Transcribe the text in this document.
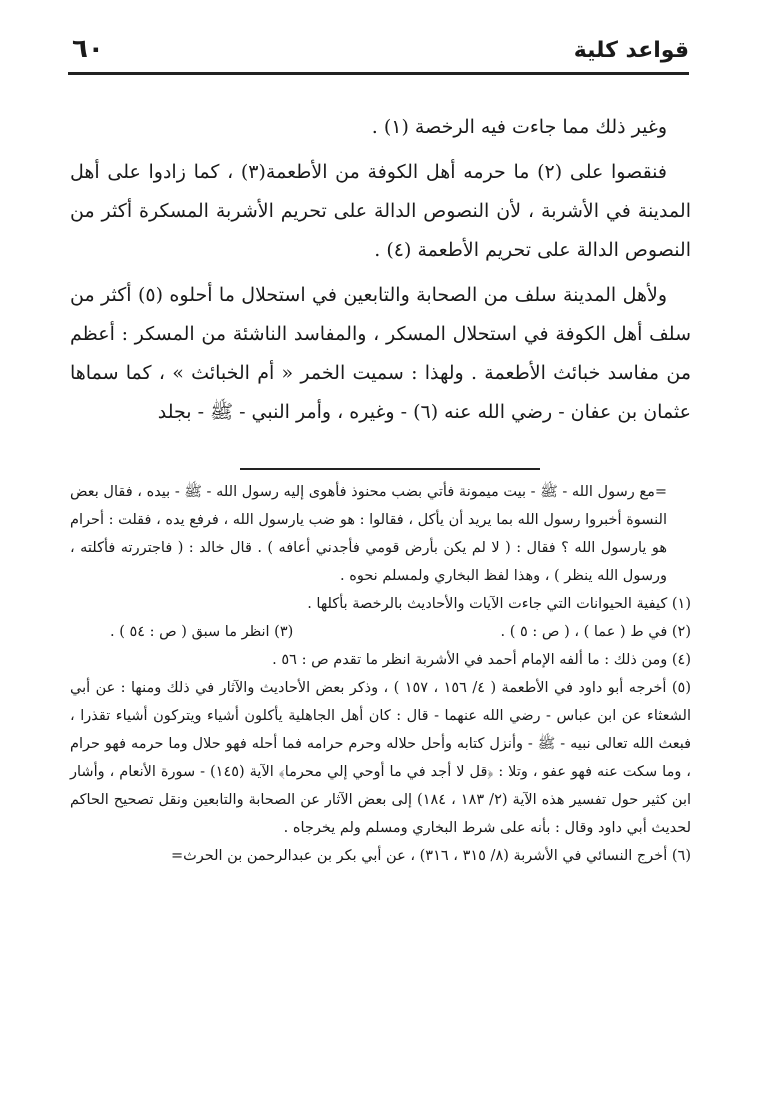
قواعد كلية
٦٠

وغير ذلك مما جاءت فيه الرخصة (١) .

فنقصوا على (٢) ما حرمه أهل الكوفة من الأطعمة(٣) ، كما زادوا على أهل المدينة في الأشربة ، لأن النصوص الدالة على تحريم الأشربة المسكرة أكثر من النصوص الدالة على تحريم الأطعمة (٤) .

ولأهل المدينة سلف من الصحابة والتابعين في استحلال ما أحلوه (٥) أكثر من سلف أهل الكوفة في استحلال المسكر ، والمفاسد الناشئة من المسكر : أعظم من مفاسد خبائث الأطعمة . ولهذا : سميت الخمر « أم الخبائث » ، كما سماها عثمان بن عفان - رضي الله عنه (٦) - وغيره ، وأمر النبي - ﷺ - بجلد

=مع رسول الله - ﷺ - بيت ميمونة فأتي بضب محنوذ فأهوى إليه رسول الله - ﷺ - بيده ، فقال بعض النسوة أخبروا رسول الله بما يريد أن يأكل ، فقالوا : هو ضب يارسول الله ، فرفع يده ، فقلت : أحرام هو يارسول الله ؟ فقال : ( لا لم يكن بأرض قومي فأجدني أعافه ) . قال خالد : ( فاجتررته فأكلته ، ورسول الله ينظر ) ، وهذا لفظ البخاري ولمسلم نحوه .

(١) كيفية الحيوانات التي جاءت الآيات والأحاديث بالرخصة بأكلها .

(٢) في ط ( عما ) ، ( ص : ٥ ) .
(٣) انظر ما سبق ( ص : ٥٤ ) .

(٤) ومن ذلك : ما ألفه الإمام أحمد في الأشربة انظر ما تقدم ص : ٥٦ .

(٥) أخرجه أبو داود في الأطعمة ( ٤/ ١٥٦ ، ١٥٧ ) ، وذكر بعض الأحاديث والآثار في ذلك ومنها : عن أبي الشعثاء عن ابن عباس - رضي الله عنهما - قال : كان أهل الجاهلية يأكلون أشياء ويتركون أشياء تقذرا ، فبعث الله تعالى نبيه - ﷺ - وأنزل كتابه وأحل حلاله وحرم حرامه فما أحله فهو حلال وما حرمه فهو حرام ، وما سكت عنه فهو عفو ، وتلا : ﴿قل لا أجد في ما أوحي إلي محرما﴾ الآية (١٤٥) - سورة الأنعام ، وأشار ابن كثير حول تفسير هذه الآية (٢/ ١٨٣ ، ١٨٤) إلى بعض الآثار عن الصحابة والتابعين ونقل تصحيح الحاكم لحديث أبي داود وقال : بأنه على شرط البخاري ومسلم ولم يخرجاه .

(٦) أخرج النسائي في الأشربة (٨/ ٣١٥ ، ٣١٦) ، عن أبي بكر بن عبدالرحمن بن الحرث=
